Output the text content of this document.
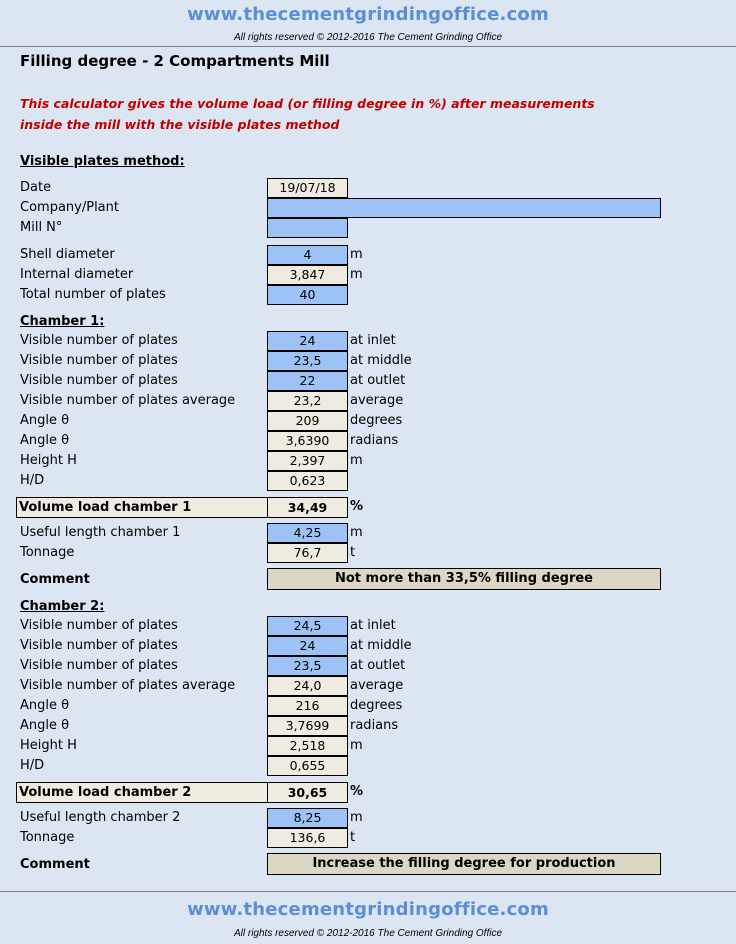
www.thecementgrindingoffice.com
All rights reserved © 2012-2016 The Cement Grinding Office
Filling degree - 2 Compartments Mill
This calculator gives the volume load (or filling degree in %) after measurements
inside the mill with the visible plates method
Visible plates method:
Date	19/07/18
Company/Plant
Mill N°
Shell diameter	4	m
Internal diameter	3,847	m
Total number of plates	40
Chamber 1:
Visible number of plates	24	at inlet
Visible number of plates	23,5	at middle
Visible number of plates	22	at outlet
Visible number of plates average	23,2	average
Angle θ	209	degrees
Angle θ	3,6390	radians
Height H	2,397	m
H/D	0,623
Volume load chamber 1	34,49	%
Useful length chamber 1	4,25	m
Tonnage	76,7	t
Comment	Not more than 33,5% filling degree
Chamber 2:
Visible number of plates	24,5	at inlet
Visible number of plates	24	at middle
Visible number of plates	23,5	at outlet
Visible number of plates average	24,0	average
Angle θ	216	degrees
Angle θ	3,7699	radians
Height H	2,518	m
H/D	0,655
Volume load chamber 2	30,65	%
Useful length chamber 2	8,25	m
Tonnage	136,6	t
Comment	Increase the filling degree for production
www.thecementgrindingoffice.com
All rights reserved © 2012-2016 The Cement Grinding Office
